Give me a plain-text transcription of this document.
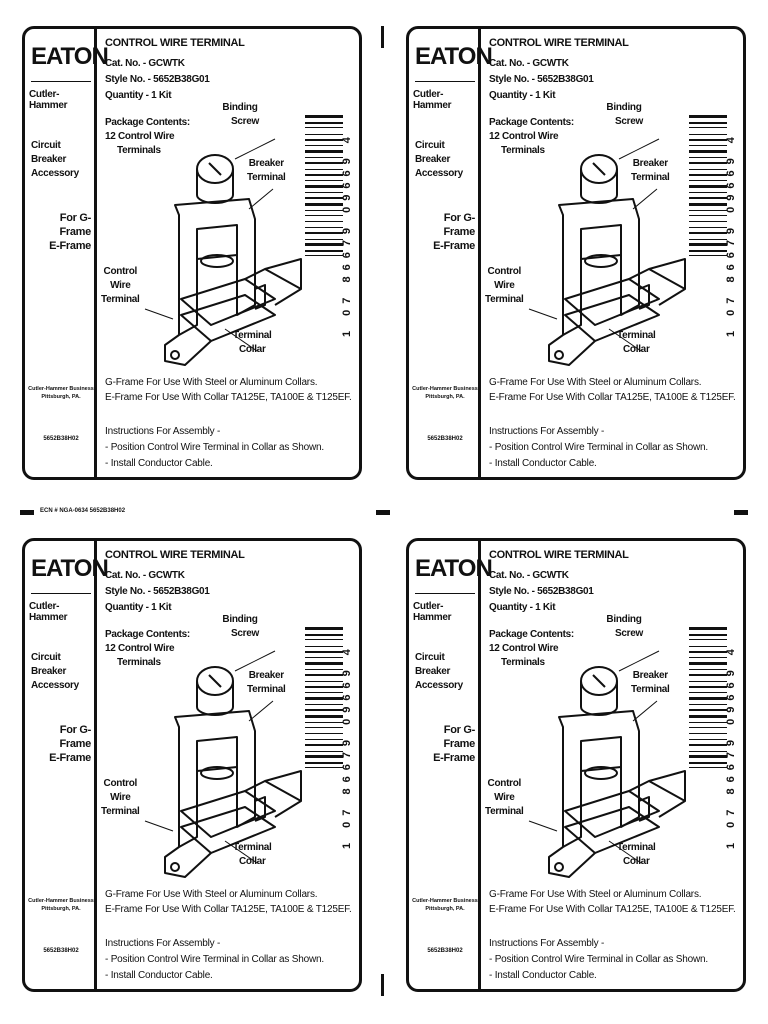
EATON
Cutler-Hammer
Circuit Breaker
Accessory
For G-Frame
E-Frame
Cutler-Hammer Business
Pittsburgh, PA.
5652B38H02
CONTROL WIRE TERMINAL
Cat. No. - GCWTK
Style No. - 5652B38G01
Quantity - 1 Kit
Package Contents:
12 Control Wire
Terminals
Binding
Screw
Breaker
Terminal
Control
Wire
Terminal
Terminal
Collar
1 07 86679 09669 4
G-Frame For Use With Steel or Aluminum Collars.
E-Frame For Use With Collar TA125E, TA100E & T125EF.
Instructions For Assembly -
- Position Control Wire Terminal in Collar as Shown.
- Install Conductor Cable.
EATON
Cutler-Hammer
Circuit Breaker
Accessory
For G-Frame
E-Frame
Cutler-Hammer Business
Pittsburgh, PA.
5652B38H02
CONTROL WIRE TERMINAL
Cat. No. - GCWTK
Style No. - 5652B38G01
Quantity - 1 Kit
Package Contents:
12 Control Wire
Terminals
Binding
Screw
Breaker
Terminal
Control
Wire
Terminal
Terminal
Collar
1 07 86679 09669 4
G-Frame For Use With Steel or Aluminum Collars.
E-Frame For Use With Collar TA125E, TA100E & T125EF.
Instructions For Assembly -
- Position Control Wire Terminal in Collar as Shown.
- Install Conductor Cable.
EATON
Cutler-Hammer
Circuit Breaker
Accessory
For G-Frame
E-Frame
Cutler-Hammer Business
Pittsburgh, PA.
5652B38H02
CONTROL WIRE TERMINAL
Cat. No. - GCWTK
Style No. - 5652B38G01
Quantity - 1 Kit
Package Contents:
12 Control Wire
Terminals
Binding
Screw
Breaker
Terminal
Control
Wire
Terminal
Terminal
Collar
1 07 86679 09669 4
G-Frame For Use With Steel or Aluminum Collars.
E-Frame For Use With Collar TA125E, TA100E & T125EF.
Instructions For Assembly -
- Position Control Wire Terminal in Collar as Shown.
- Install Conductor Cable.
EATON
Cutler-Hammer
Circuit Breaker
Accessory
For G-Frame
E-Frame
Cutler-Hammer Business
Pittsburgh, PA.
5652B38H02
CONTROL WIRE TERMINAL
Cat. No. - GCWTK
Style No. - 5652B38G01
Quantity - 1 Kit
Package Contents:
12 Control Wire
Terminals
Binding
Screw
Breaker
Terminal
Control
Wire
Terminal
Terminal
Collar
1 07 86679 09669 4
G-Frame For Use With Steel or Aluminum Collars.
E-Frame For Use With Collar TA125E, TA100E & T125EF.
Instructions For Assembly -
- Position Control Wire Terminal in Collar as Shown.
- Install Conductor Cable.
ECN # NGA-0634 5652B38H02
